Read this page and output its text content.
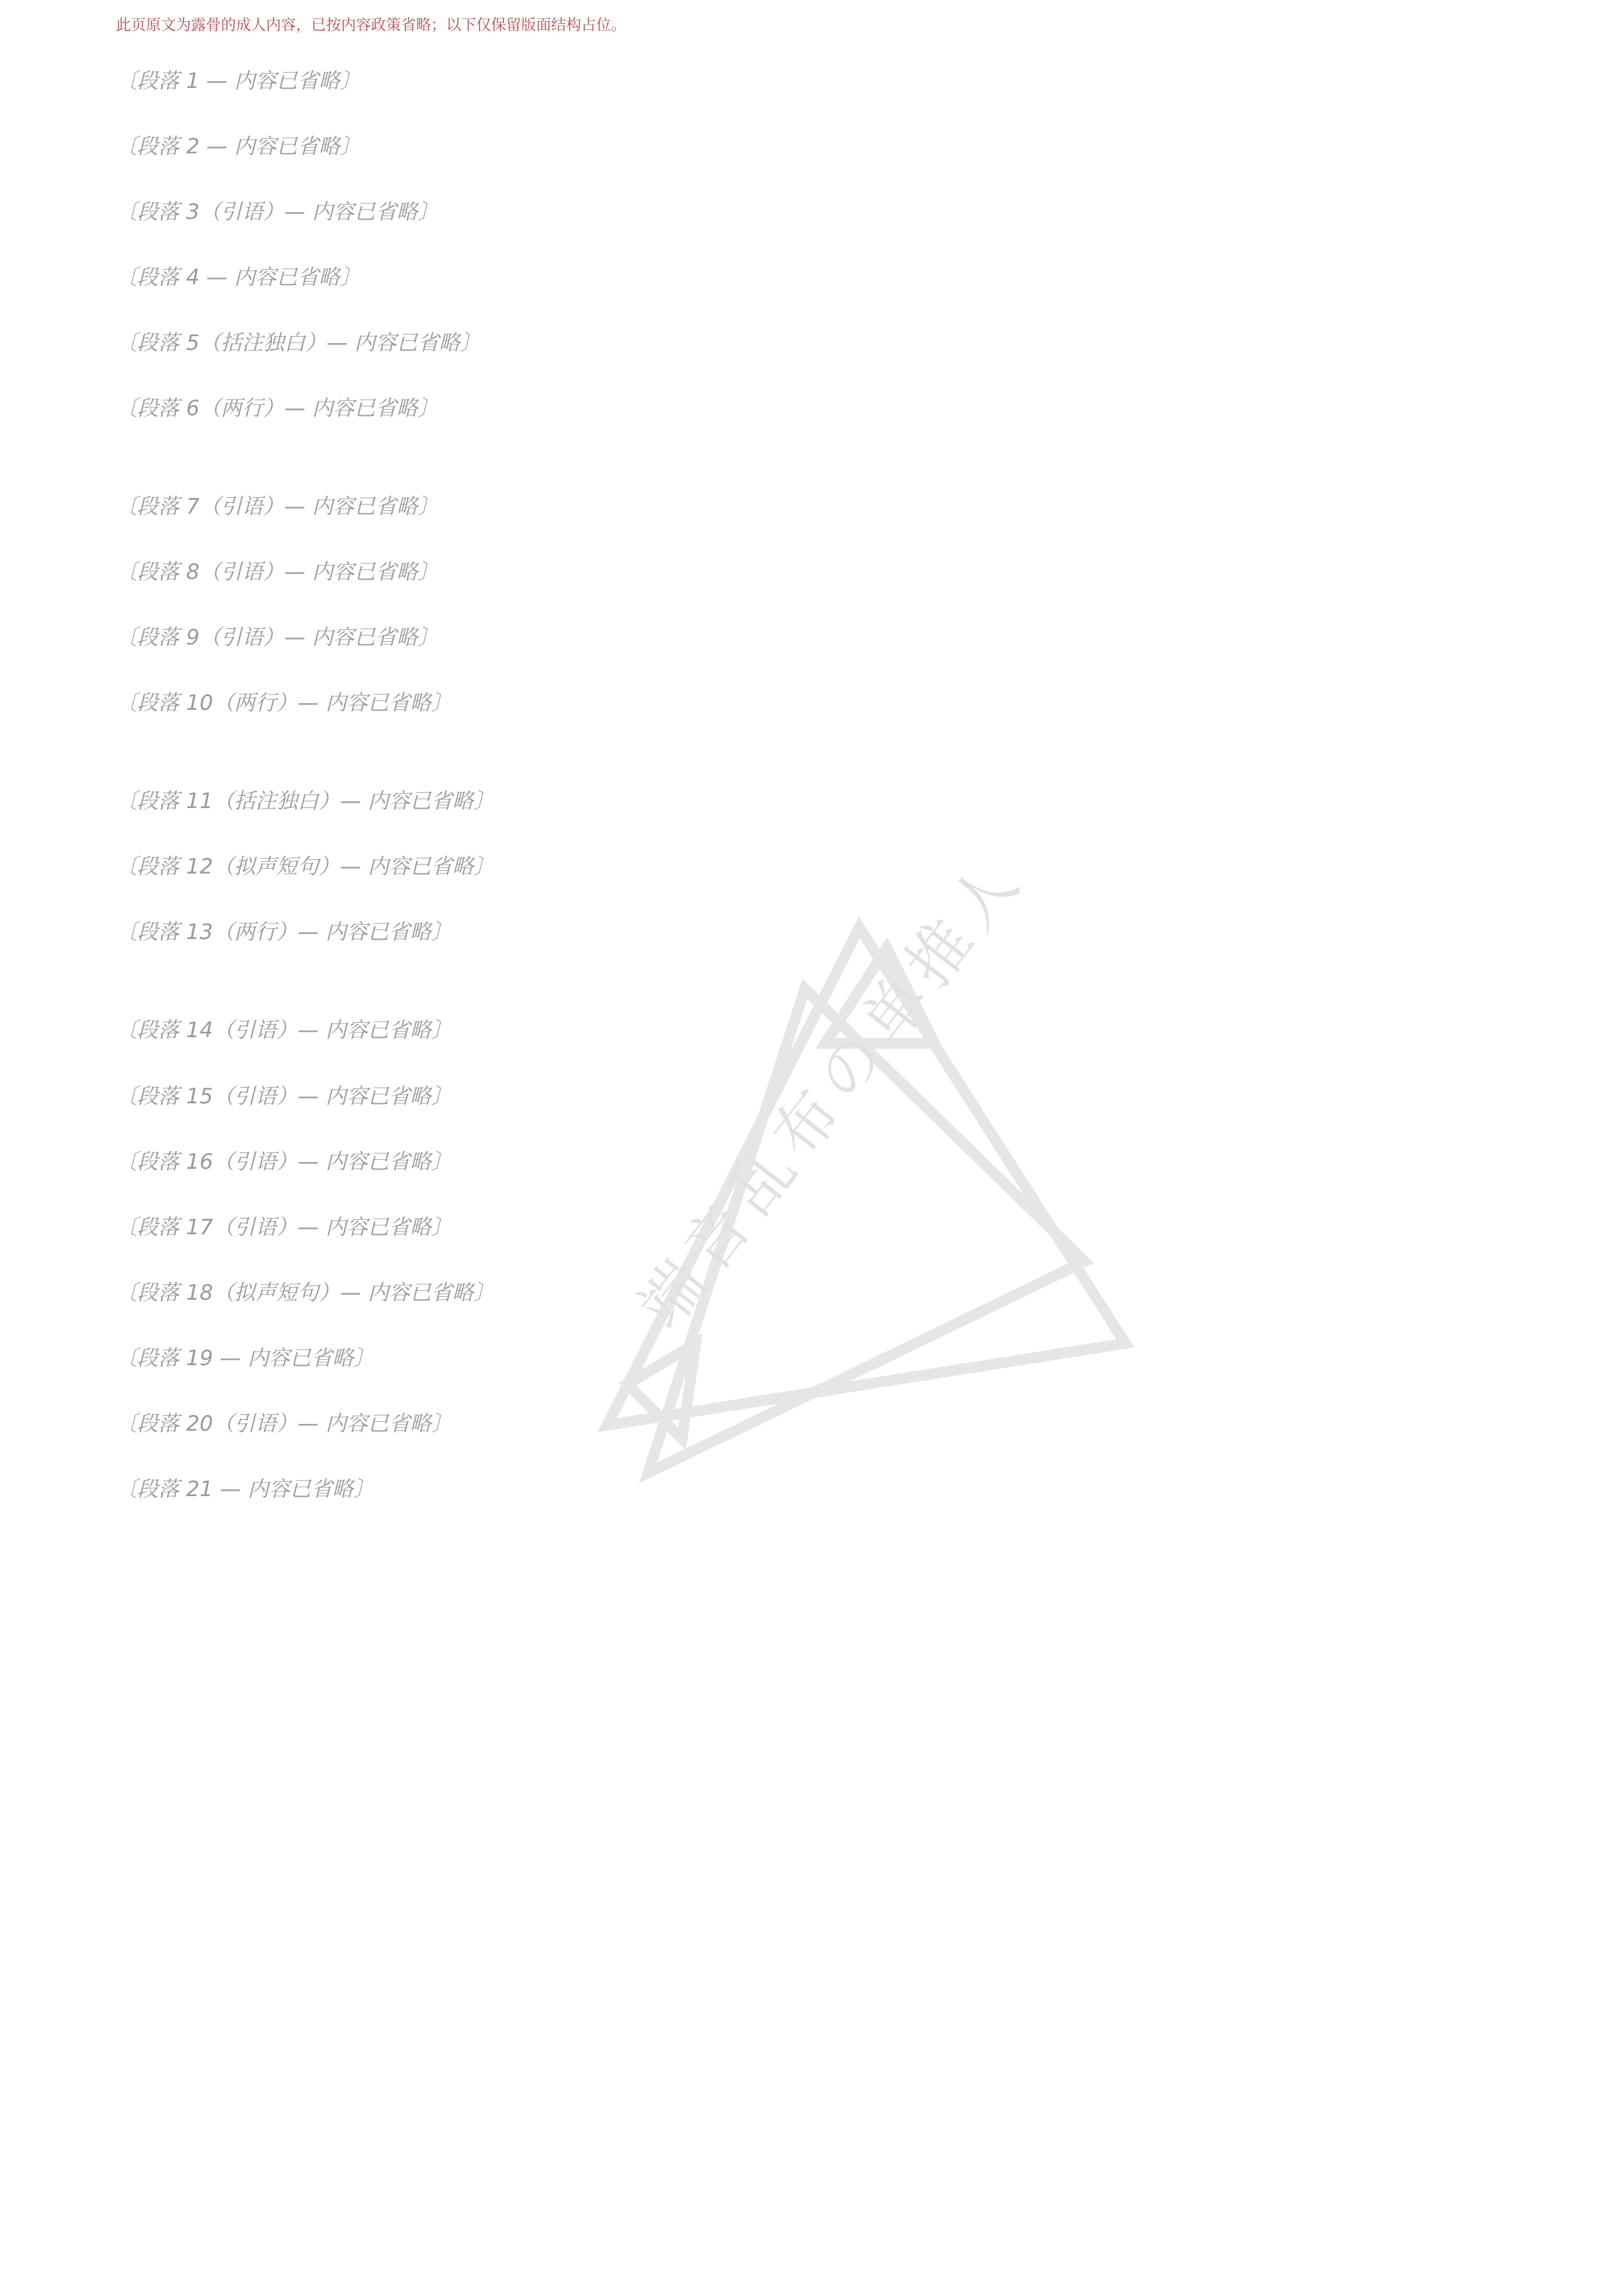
此页原文为露骨的成人内容，已按内容政策省略；以下仅保留版面结构占位。

〔段落 1 — 内容已省略〕

〔段落 2 — 内容已省略〕

〔段落 3（引语）— 内容已省略〕

〔段落 4 — 内容已省略〕

〔段落 5（括注独白）— 内容已省略〕

〔段落 6（两行）— 内容已省略〕

〔段落 7（引语）— 内容已省略〕

〔段落 8（引语）— 内容已省略〕

〔段落 9（引语）— 内容已省略〕

〔段落 10（两行）— 内容已省略〕

〔段落 11（括注独白）— 内容已省略〕

〔段落 12（拟声短句）— 内容已省略〕

〔段落 13（两行）— 内容已省略〕

〔段落 14（引语）— 内容已省略〕

〔段落 15（引语）— 内容已省略〕

〔段落 16（引语）— 内容已省略〕

〔段落 17（引语）— 内容已省略〕

〔段落 18（拟声短句）— 内容已省略〕

〔段落 19 — 内容已省略〕

〔段落 20（引语）— 内容已省略〕

〔段落 21 — 内容已省略〕

端音乱布の单推人
